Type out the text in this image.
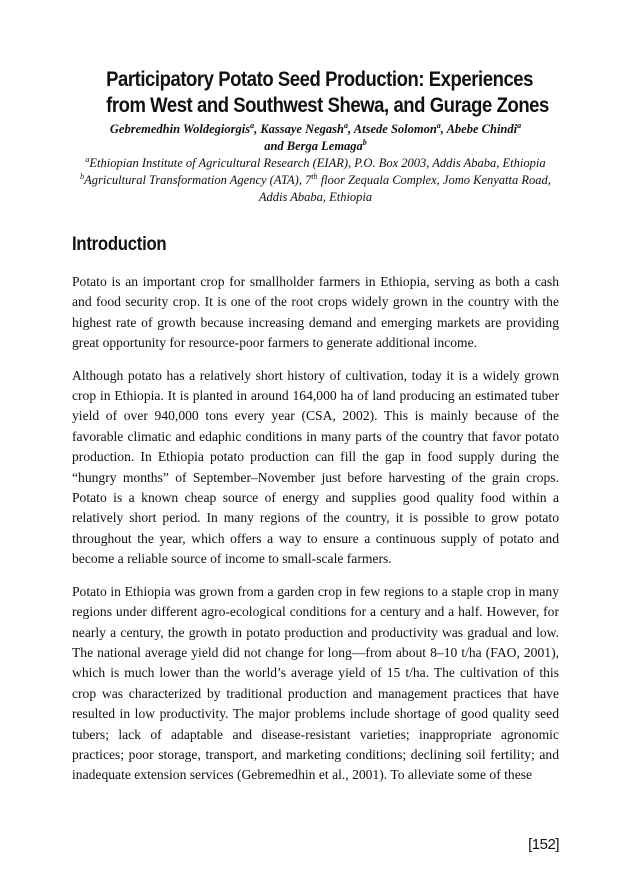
Participatory Potato Seed Production: Experiences
from West and Southwest Shewa, and Gurage Zones
Gebremedhin Woldegiorgis$^a$, Kassaye Negash$^a$, Atsede Solomon$^a$, Abebe Chindi$^a$
and Berga Lemaga$^b$
$^a$Ethiopian Institute of Agricultural Research (EIAR), P.O. Box 2003, Addis Ababa, Ethiopia
$^b$Agricultural Transformation Agency (ATA), 7th floor Zequala Complex, Jomo Kenyatta Road,
Addis Ababa, Ethiopia
Introduction

Potato is an important crop for smallholder farmers in Ethiopia, serving as both a cash and food security crop. It is one of the root crops widely grown in the country with the highest rate of growth because increasing demand and emerging markets are providing great opportunity for resource-poor farmers to generate additional income.

Although potato has a relatively short history of cultivation, today it is a widely grown crop in Ethiopia. It is planted in around 164,000 ha of land producing an estimated tuber yield of over 940,000 tons every year (CSA, 2002). This is mainly because of the favorable climatic and edaphic conditions in many parts of the country that favor potato production. In Ethiopia potato production can fill the gap in food supply during the “hungry months” of September–November just before harvesting of the grain crops. Potato is a known cheap source of energy and supplies good quality food within a relatively short period. In many regions of the country, it is possible to grow potato throughout the year, which offers a way to ensure a continuous supply of potato and become a reliable source of income to small-scale farmers.

Potato in Ethiopia was grown from a garden crop in few regions to a staple crop in many regions under different agro-ecological conditions for a century and a half. However, for nearly a century, the growth in potato production and productivity was gradual and low. The national average yield did not change for long—from about 8–10 t/ha (FAO, 2001), which is much lower than the world’s average yield of 15 t/ha. The cultivation of this crop was characterized by traditional production and management practices that have resulted in low productivity. The major problems include shortage of good quality seed tubers; lack of adaptable and disease-resistant varieties; inappropriate agronomic practices; poor storage, transport, and marketing conditions; declining soil fertility; and inadequate extension services (Gebremedhin et al., 2001). To alleviate some of these

[152]
